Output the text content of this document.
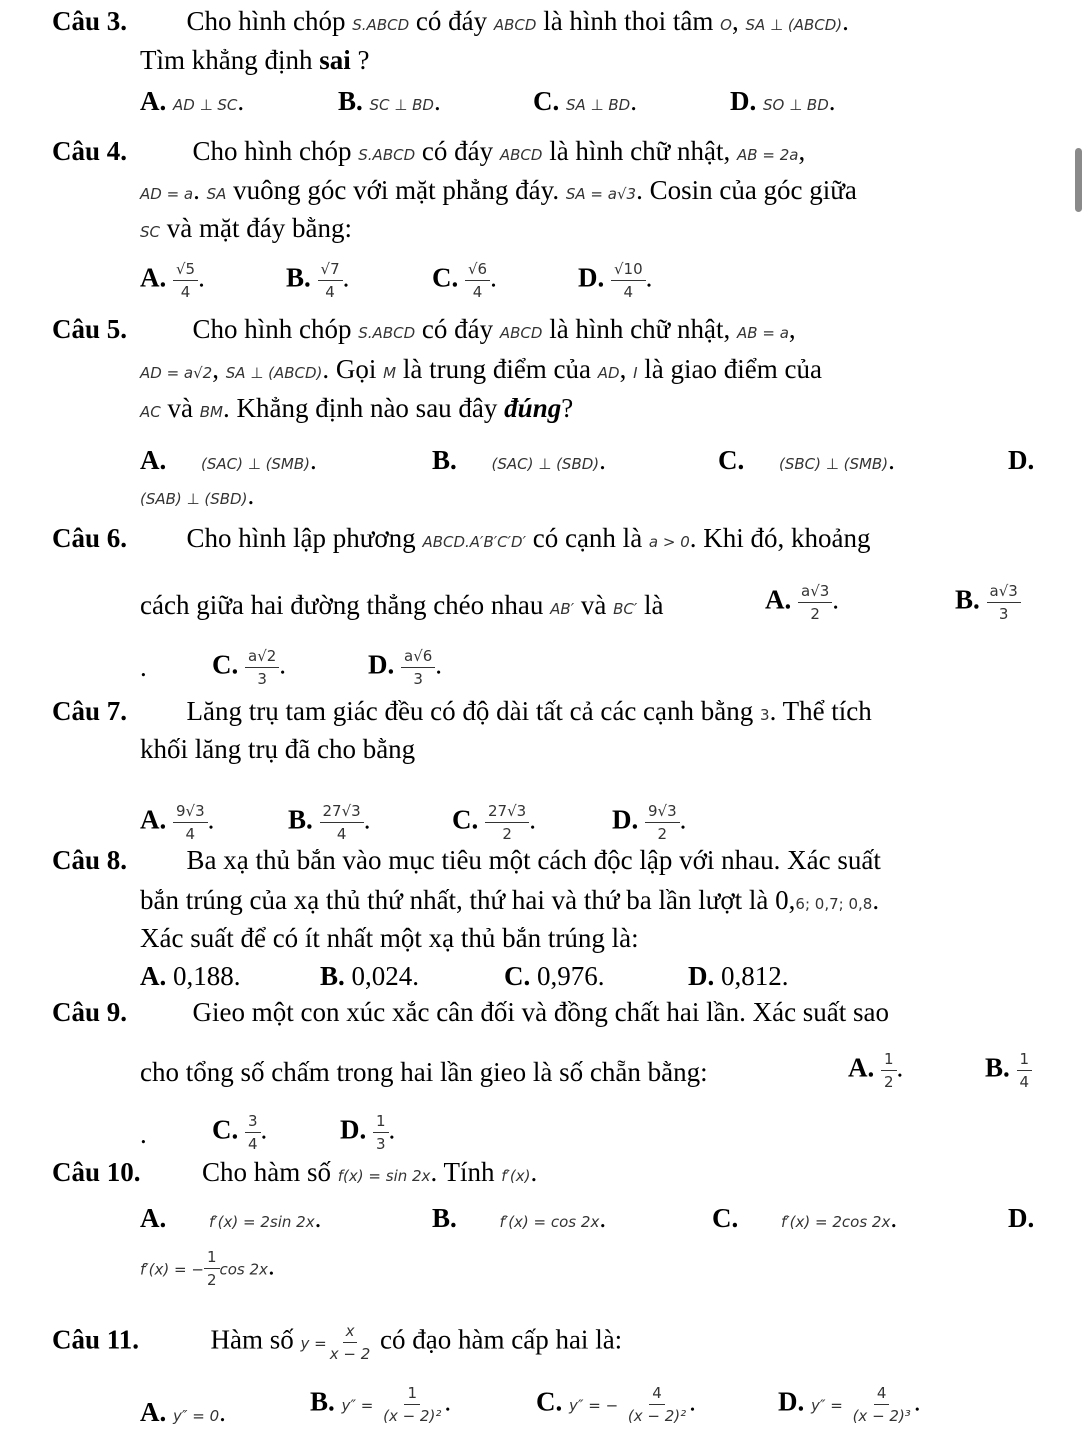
Câu 3. Cho hình chóp S.ABCD có đáy ABCD là hình thoi tâm O, SA ⊥ (ABCD).
Tìm khẳng định sai ?
A. AD ⊥ SC.	B. SC ⊥ BD.	C. SA ⊥ BD.	D. SO ⊥ BD.
Câu 4. Cho hình chóp S.ABCD có đáy ABCD là hình chữ nhật, AB = 2a,
AD = a. SA vuông góc với mặt phẳng đáy. SA = a√3. Cosin của góc giữa
SC và mặt đáy bằng:
A. $\frac{√5}{4}$ .	B. $\frac{√7}{4}$ .	C. $\frac{√6}{4}$ .	D. $\frac{√10}{4}$ .
Câu 5. Cho hình chóp S.ABCD có đáy ABCD là hình chữ nhật, AB = a,
AD = a√2, SA ⊥ (ABCD). Gọi M là trung điểm của AD, I là giao điểm của
AC và BM. Khẳng định nào sau đây đúng?
A. (SAC) ⊥ (SMB).	B. (SAC) ⊥ (SBD).	C. (SBC) ⊥ (SMB).	D.
(SAB) ⊥ (SBD).
Câu 6. Cho hình lập phương ABCD.A′B′C′D′ có cạnh là a > 0. Khi đó, khoảng
cách giữa hai đường thẳng chéo nhau AB′ và BC′ là	A. $\frac{a√3}{2}$ .	B. $\frac{a√3}{3}$
. C. $\frac{a√2}{3}$ .	D. $\frac{a√6}{3}$ .
Câu 7. Lăng trụ tam giác đều có độ dài tất cả các cạnh bằng 3. Thể tích
khối lăng trụ đã cho bằng
A. $\frac{9√3}{4}$ .	B. $\frac{27√3}{4}$ .	C. $\frac{27√3}{2}$ .	D. $\frac{9√3}{2}$ .
Câu 8. Ba xạ thủ bắn vào mục tiêu một cách độc lập với nhau. Xác suất
bắn trúng của xạ thủ thứ nhất, thứ hai và thứ ba lần lượt là 0,6; 0,7; 0,8.
Xác suất để có ít nhất một xạ thủ bắn trúng là:
A. 0,188.	B. 0,024.	C. 0,976.	D. 0,812.
Câu 9. Gieo một con xúc xắc cân đối và đồng chất hai lần. Xác suất sao
cho tổng số chấm trong hai lần gieo là số chẵn bằng:	A. $\frac{1}{2}$ .	B. $\frac{1}{4}$
. C. $\frac{3}{4}$ .	D. $\frac{1}{3}$ .
Câu 10. Cho hàm số f(x) = sin 2x. Tính f′(x).
A.	f′(x) = 2sin 2x.	B.	f′(x) = cos 2x.	C.	f′(x) = 2cos 2x.	D.
f′(x) = − $\frac{1}{2}$ cos 2x.
Câu 11.	Hàm số $y = \frac{x}{x - 2}$ có đạo hàm cấp hai là:
A. y″ = 0.	B. $y'' = \frac{1}{\text{(x − 2)²}}$ .	C. y″ = − $\frac{4}{\text{(x − 2)²}}$ .	D. $y'' = \frac{4}{\text{(x − 2)³}}$ .
